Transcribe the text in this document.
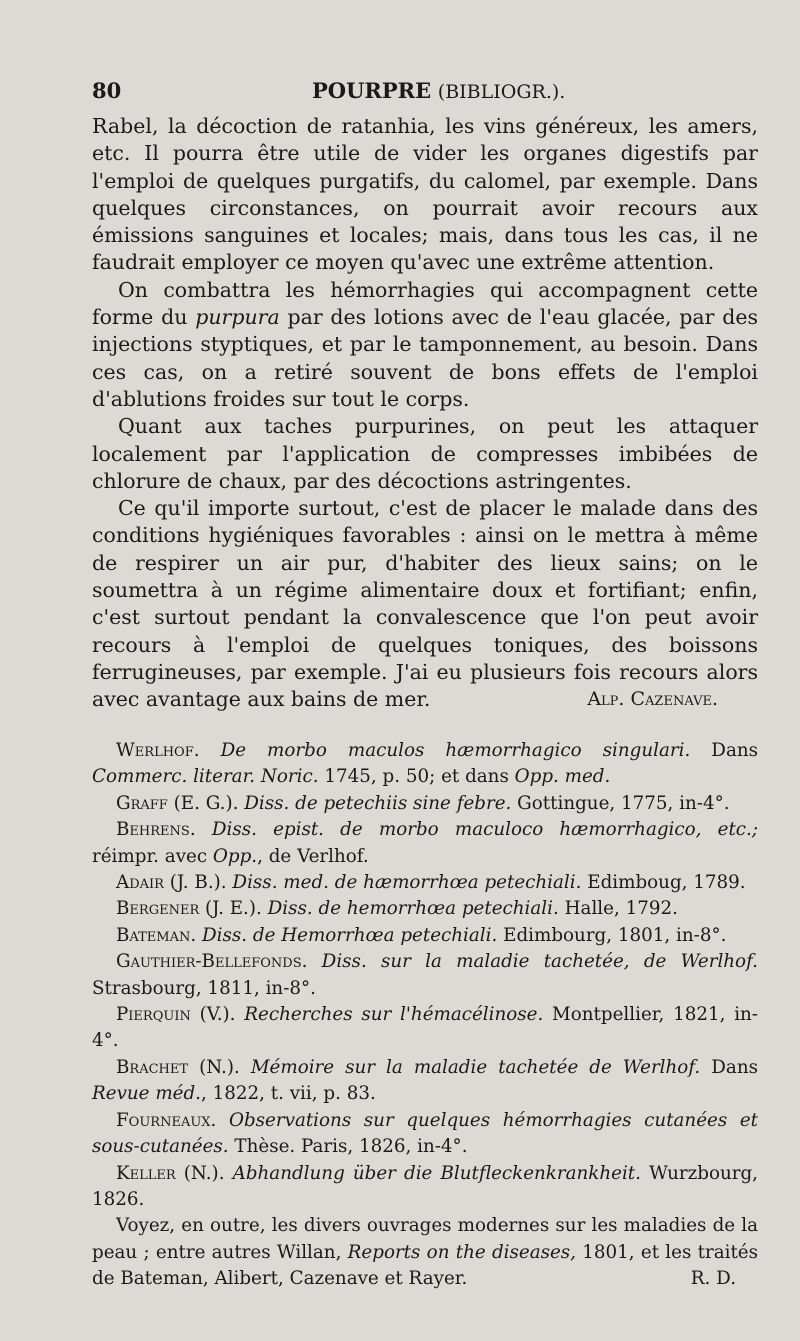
80	POURPRE (BIBLIOGR.).

Rabel, la décoction de ratanhia, les vins généreux, les amers, etc. Il pourra être utile de vider les organes digestifs par l'emploi de quelques purgatifs, du calomel, par exemple. Dans quelques circonstances, on pourrait avoir recours aux émissions sanguines et locales; mais, dans tous les cas, il ne faudrait employer ce moyen qu'avec une extrême attention.

On combattra les hémorrhagies qui accompagnent cette forme du purpura par des lotions avec de l'eau glacée, par des injections styptiques, et par le tamponnement, au besoin. Dans ces cas, on a retiré souvent de bons effets de l'emploi d'ablutions froides sur tout le corps.

Quant aux taches purpurines, on peut les attaquer localement par l'application de compresses imbibées de chlorure de chaux, par des décoctions astringentes.

Ce qu'il importe surtout, c'est de placer le malade dans des conditions hygiéniques favorables : ainsi on le mettra à même de respirer un air pur, d'habiter des lieux sains; on le soumettra à un régime alimentaire doux et fortifiant; enfin, c'est surtout pendant la convalescence que l'on peut avoir recours à l'emploi de quelques toniques, des boissons ferrugineuses, par exemple. J'ai eu plusieurs fois recours alors avec avantage aux bains de mer.	Alp. Cazenave.

Werlhof. De morbo maculos hæmorrhagico singulari. Dans Commerc. literar. Noric. 1745, p. 50; et dans Opp. med.

Graff (E. G.). Diss. de petechiis sine febre. Gottingue, 1775, in-4°.

Behrens. Diss. epist. de morbo maculoco hæmorrhagico, etc.; réimpr. avec Opp., de Verlhof.

Adair (J. B.). Diss. med. de hæmorrhœa petechiali. Edimboug, 1789.

Bergener (J. E.). Diss. de hemorrhœa petechiali. Halle, 1792.

Bateman. Diss. de Hemorrhœa petechiali. Edimbourg, 1801, in-8°.

Gauthier-Bellefonds. Diss. sur la maladie tachetée, de Werlhof. Strasbourg, 1811, in-8°.

Pierquin (V.). Recherches sur l'hémacélinose. Montpellier, 1821, in-4°.

Brachet (N.). Mémoire sur la maladie tachetée de Werlhof. Dans Revue méd., 1822, t. vii, p. 83.

Fourneaux. Observations sur quelques hémorrhagies cutanées et sous-cutanées. Thèse. Paris, 1826, in-4°.

Keller (N.). Abhandlung über die Blutfleckenkrankheit. Wurzbourg, 1826.

Voyez, en outre, les divers ouvrages modernes sur les maladies de la peau ; entre autres Willan, Reports on the diseases, 1801, et les traités de Bateman, Alibert, Cazenave et Rayer.	R. D.
